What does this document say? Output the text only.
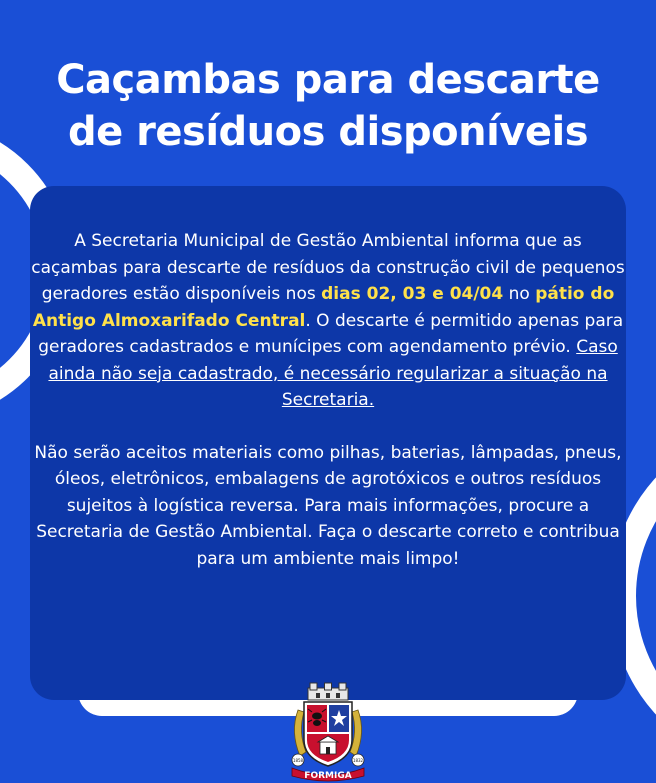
Caçambas para descarte
de resíduos disponíveis

A Secretaria Municipal de Gestão Ambiental informa que as caçambas para descarte de resíduos da construção civil de pequenos geradores estão disponíveis nos dias 02, 03 e 04/04 no pátio do Antigo Almoxarifado Central. O descarte é permitido apenas para geradores cadastrados e munícipes com agendamento prévio. Caso ainda não seja cadastrado, é necessário regularizar a situação na Secretaria.

Não serão aceitos materiais como pilhas, baterias, lâmpadas, pneus, óleos, eletrônicos, embalagens de agrotóxicos e outros resíduos sujeitos à logística reversa. Para mais informações, procure a Secretaria de Gestão Ambiental. Faça o descarte correto e contribua para um ambiente mais limpo!

FORMIGA
1858	1832
